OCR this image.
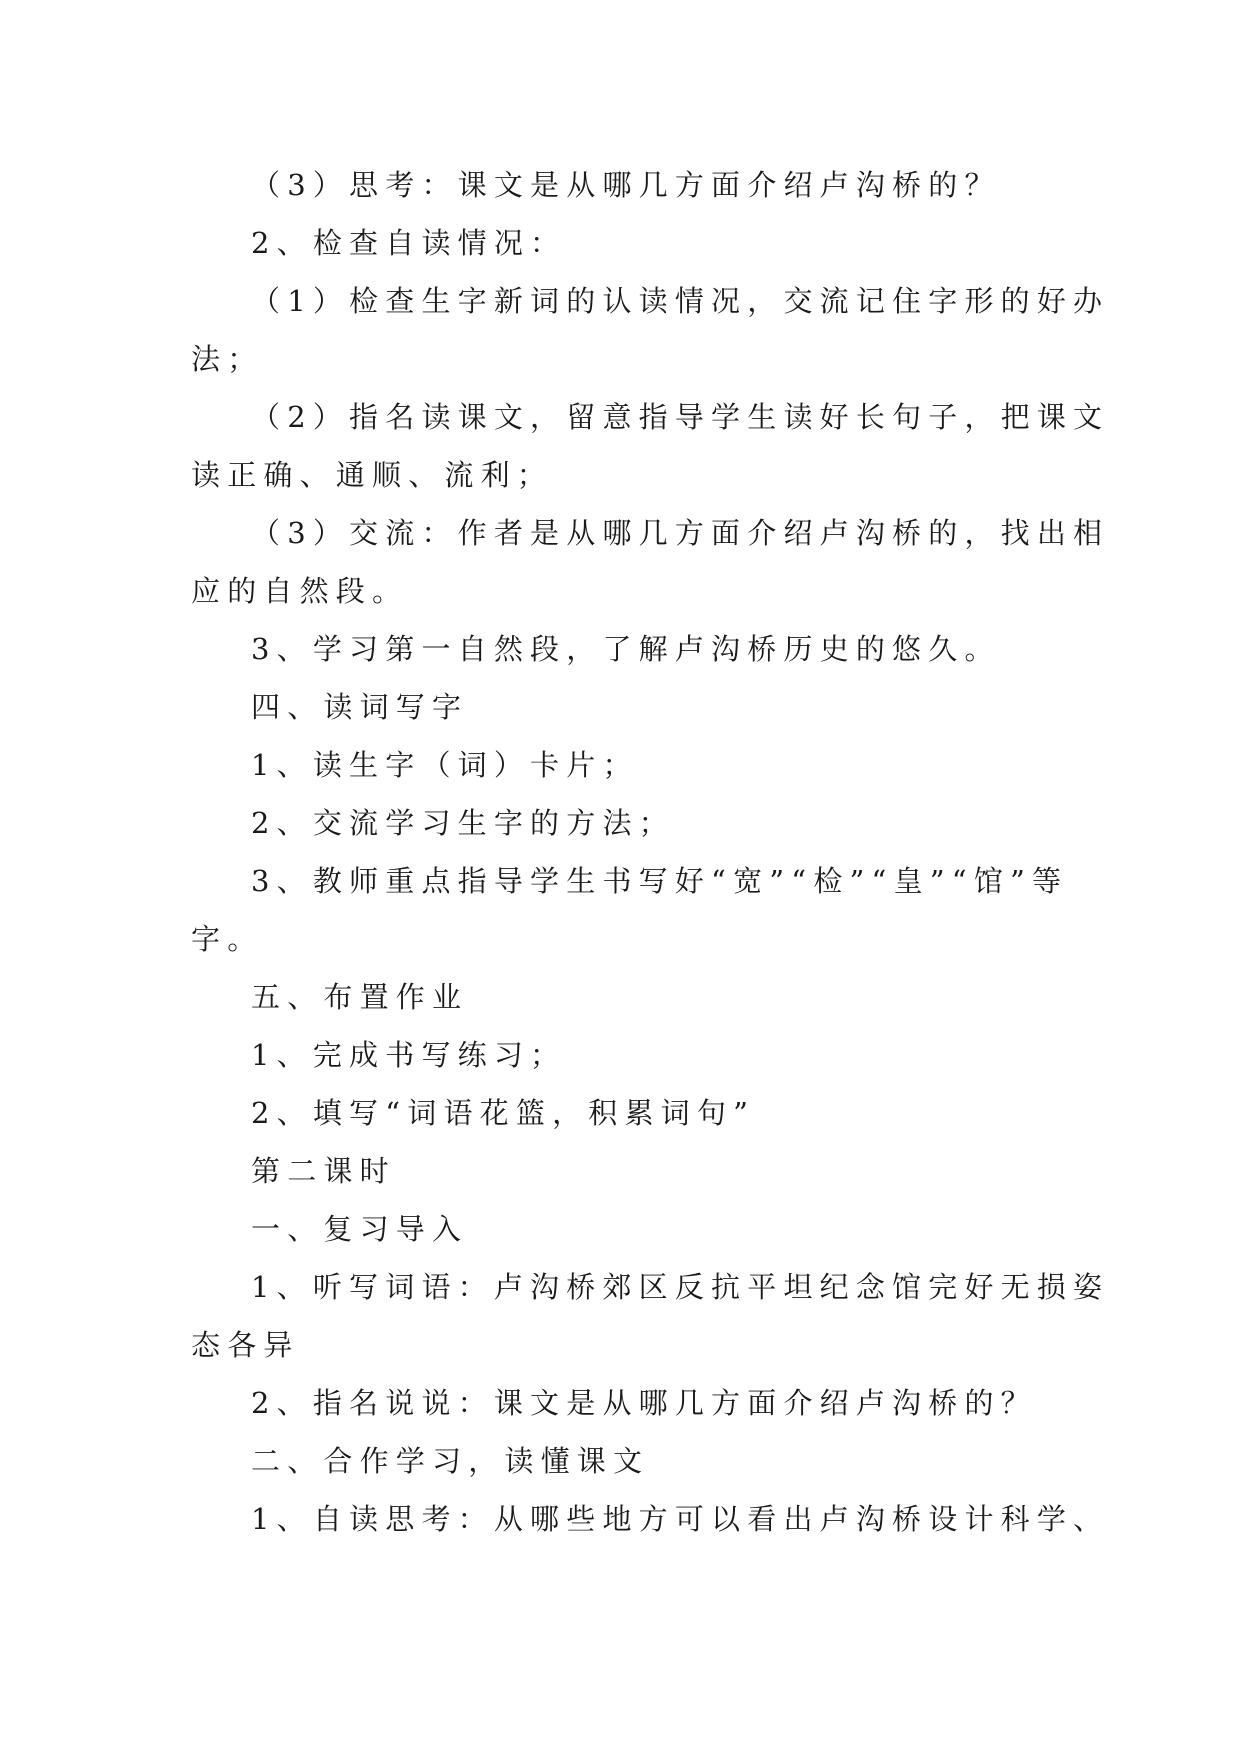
（3）思考：课文是从哪几方面介绍卢沟桥的？
2、检查自读情况：
（1）检查生字新词的认读情况，交流记住字形的好办
法；
（2）指名读课文，留意指导学生读好长句子，把课文
读正确、通顺、流利；
（3）交流：作者是从哪几方面介绍卢沟桥的，找出相
应的自然段。
3、学习第一自然段，了解卢沟桥历史的悠久。
四、读词写字
1、读生字（词）卡片；
2、交流学习生字的方法；
3、教师重点指导学生书写好“宽”“检”“皇”“馆”等
字。
五、布置作业
1、完成书写练习；
2、填写“词语花篮，积累词句”
第二课时
一、复习导入
1、听写词语：卢沟桥郊区反抗平坦纪念馆完好无损姿
态各异
2、指名说说：课文是从哪几方面介绍卢沟桥的？
二、合作学习，读懂课文
1、自读思考：从哪些地方可以看出卢沟桥设计科学、
